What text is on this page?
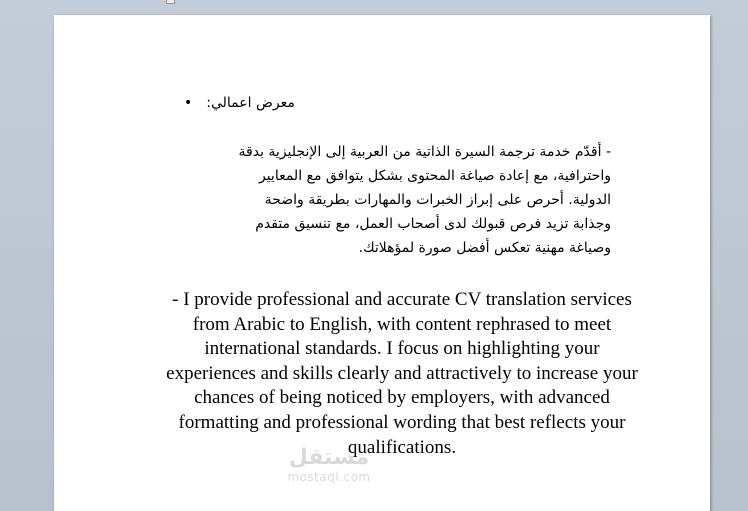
معرض اعمالي:•
- أقدّم خدمة ترجمة السيرة الذاتية من العربية إلى الإنجليزية بدقة
واحترافية، مع إعادة صياغة المحتوى بشكل يتوافق مع المعايير
الدولية. أحرص على إبراز الخبرات والمهارات بطريقة واضحة
وجذابة تزيد فرص قبولك لدى أصحاب العمل، مع تنسيق متقدم
وصياغة مهنية تعكس أفضل صورة لمؤهلاتك.
- I provide professional and accurate CV translation services from Arabic to English, with content rephrased to meet international standards. I focus on highlighting your experiences and skills clearly and attractively to increase your chances of being noticed by employers, with advanced formatting and professional wording that best reflects your qualifications.
مستقل
mostaql.com
